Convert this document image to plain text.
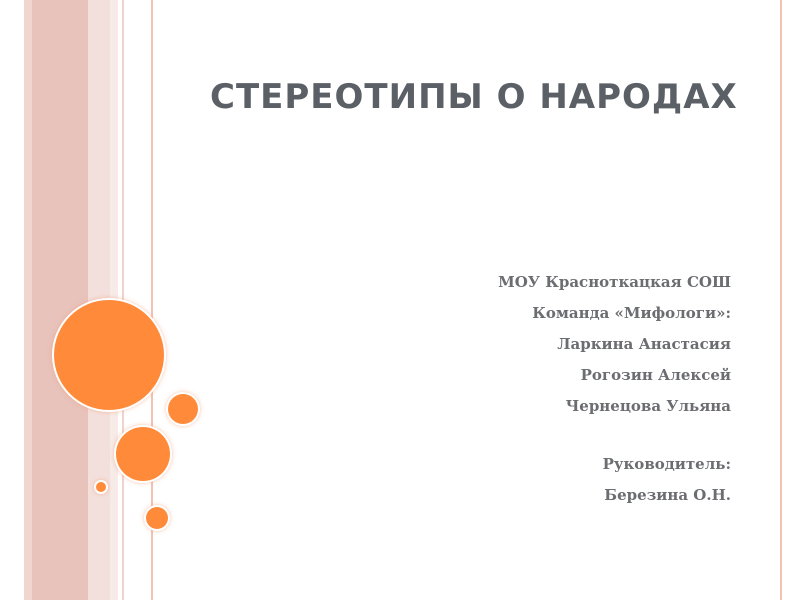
СТЕРЕОТИПЫ О НАРОДАХ
МОУ Красноткацкая СОШ
Команда «Мифологи»:
Ларкина Анастасия
Рогозин Алексей
Чернецова Ульяна
Руководитель:
Березина О.Н.
